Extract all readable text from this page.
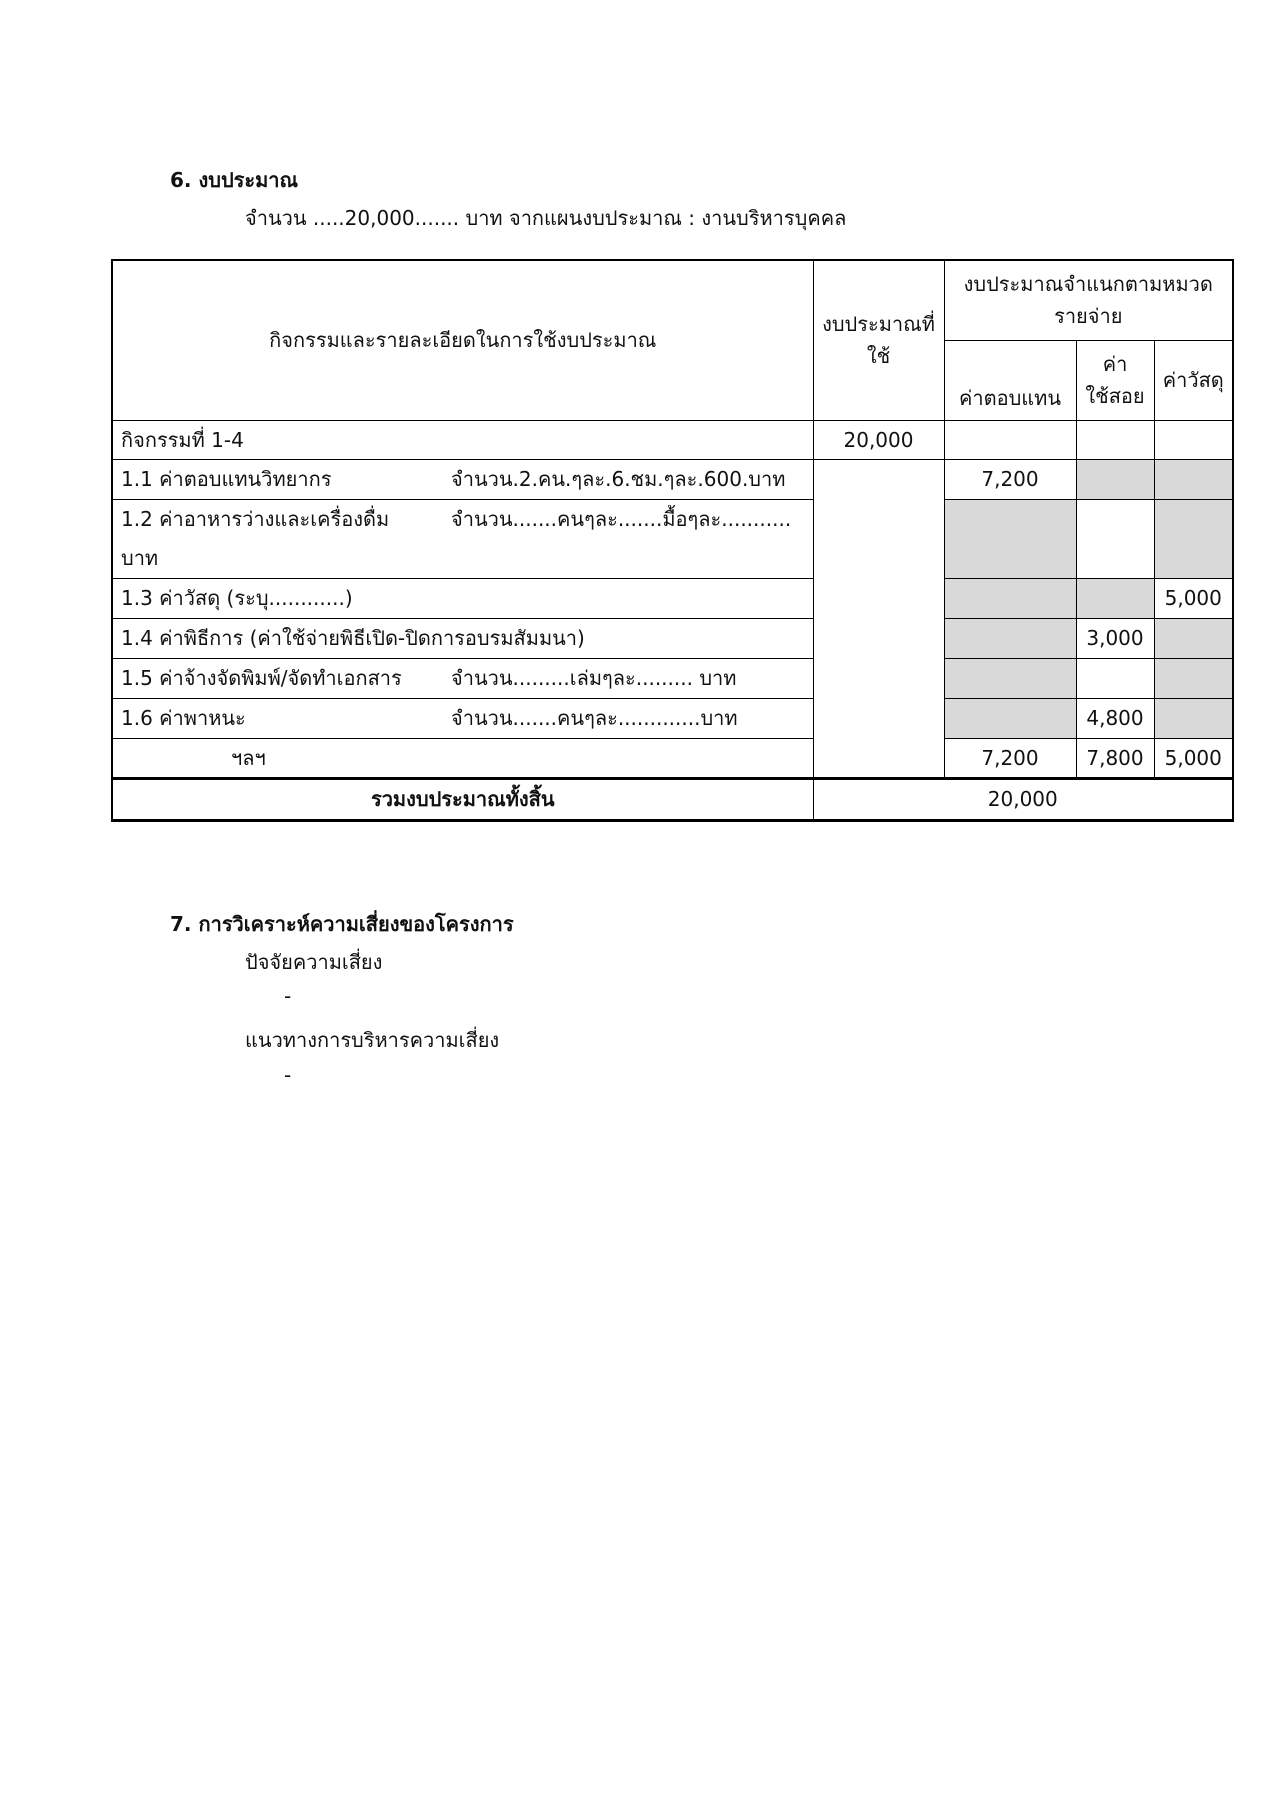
6. งบประมาณ
จำนวน .....20,000....... บาท จากแผนงบประมาณ : งานบริหารบุคคล
กิจกรรมและรายละเอียดในการใช้งบประมาณ	งบประมาณที่ใช้	งบประมาณจำแนกตามหมวดรายจ่าย		
		ค่าตอบแทน	ค่าใช้สอย	ค่าวัสดุ
กิจกรรมที่ 1-4	20,000			
1.1 ค่าตอบแทนวิทยากร จำนวน.2.คน.ๆละ.6.ชม.ๆละ.600.บาท		7,200		
1.2 ค่าอาหารว่างและเครื่องดื่ม จำนวน.......คนๆละ.......มื้อๆละ...........
บาท				
1.3 ค่าวัสดุ (ระบุ............)				5,000
1.4 ค่าพิธีการ (ค่าใช้จ่ายพิธีเปิด-ปิดการอบรมสัมมนา)			3,000	
1.5 ค่าจ้างจัดพิมพ์/จัดทำเอกสาร จำนวน.........เล่มๆละ......... บาท				
1.6 ค่าพาหนะ จำนวน.......คนๆละ.............บาท			4,800	
ฯลฯ		7,200	7,800	5,000
รวมงบประมาณทั้งสิ้น	20,000			
7. การวิเคราะห์ความเสี่ยงของโครงการ
ปัจจัยความเสี่ยง
-
แนวทางการบริหารความเสี่ยง
-
